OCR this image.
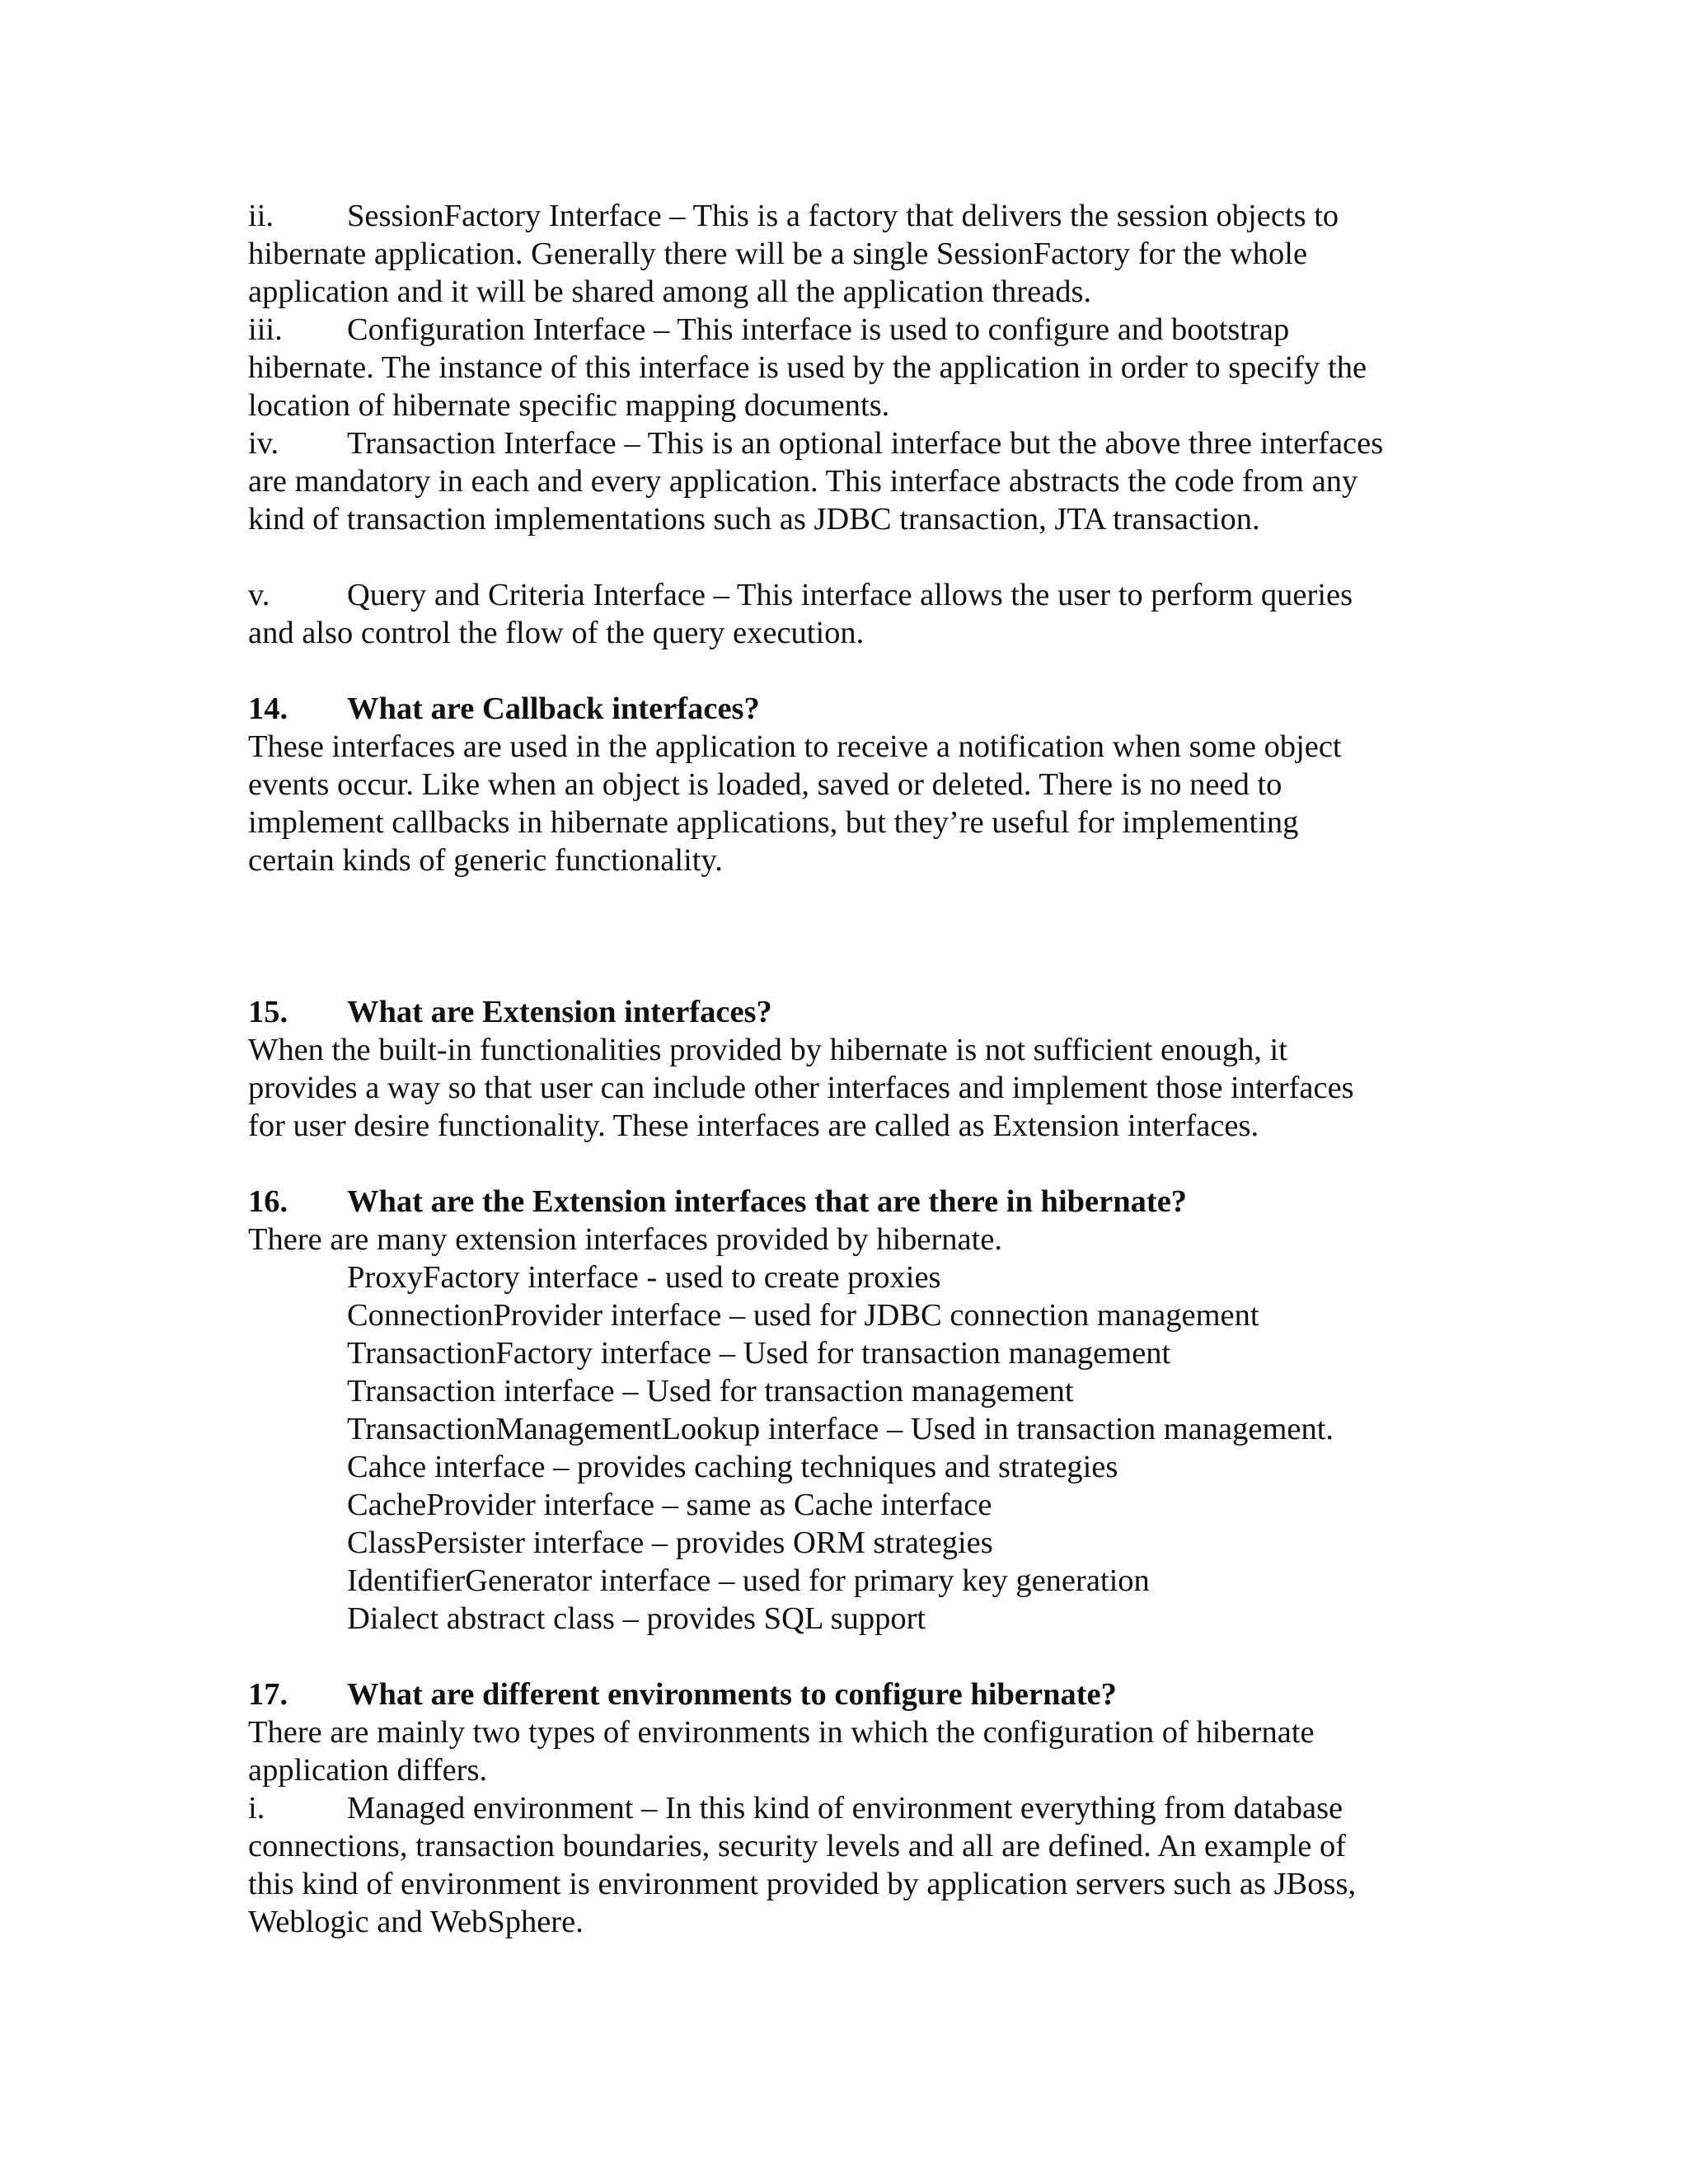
ii. SessionFactory Interface – This is a factory that delivers the session objects to
hibernate application. Generally there will be a single SessionFactory for the whole
application and it will be shared among all the application threads.
iii. Configuration Interface – This interface is used to configure and bootstrap
hibernate. The instance of this interface is used by the application in order to specify the
location of hibernate specific mapping documents.
iv. Transaction Interface – This is an optional interface but the above three interfaces
are mandatory in each and every application. This interface abstracts the code from any
kind of transaction implementations such as JDBC transaction, JTA transaction.
v. Query and Criteria Interface – This interface allows the user to perform queries
and also control the flow of the query execution.
14. What are Callback interfaces?
These interfaces are used in the application to receive a notification when some object
events occur. Like when an object is loaded, saved or deleted. There is no need to
implement callbacks in hibernate applications, but they’re useful for implementing
certain kinds of generic functionality.
15. What are Extension interfaces?
When the built-in functionalities provided by hibernate is not sufficient enough, it
provides a way so that user can include other interfaces and implement those interfaces
for user desire functionality. These interfaces are called as Extension interfaces.
16. What are the Extension interfaces that are there in hibernate?
There are many extension interfaces provided by hibernate.
ProxyFactory interface - used to create proxies
ConnectionProvider interface – used for JDBC connection management
TransactionFactory interface – Used for transaction management
Transaction interface – Used for transaction management
TransactionManagementLookup interface – Used in transaction management.
Cahce interface – provides caching techniques and strategies
CacheProvider interface – same as Cache interface
ClassPersister interface – provides ORM strategies
IdentifierGenerator interface – used for primary key generation
Dialect abstract class – provides SQL support
17. What are different environments to configure hibernate?
There are mainly two types of environments in which the configuration of hibernate
application differs.
i.	Managed environment – In this kind of environment everything from database
connections, transaction boundaries, security levels and all are defined. An example of
this kind of environment is environment provided by application servers such as JBoss,
Weblogic and WebSphere.
